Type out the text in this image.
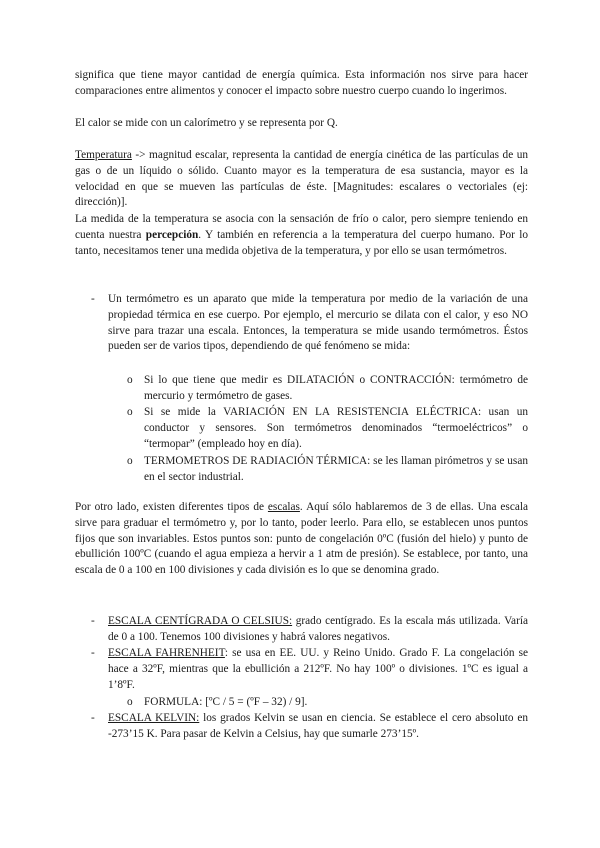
significa que tiene mayor cantidad de energía química. Esta información nos sirve para hacer comparaciones entre alimentos y conocer el impacto sobre nuestro cuerpo cuando lo ingerimos.

El calor se mide con un calorímetro y se representa por Q.

Temperatura -> magnitud escalar, representa la cantidad de energía cinética de las partículas de un gas o de un líquido o sólido. Cuanto mayor es la temperatura de esa sustancia, mayor es la velocidad en que se mueven las partículas de éste. [Magnitudes: escalares o vectoriales (ej: dirección)].

La medida de la temperatura se asocia con la sensación de frío o calor, pero siempre teniendo en cuenta nuestra percepción. Y también en referencia a la temperatura del cuerpo humano. Por lo tanto, necesitamos tener una medida objetiva de la temperatura, y por ello se usan termómetros.

- Un termómetro es un aparato que mide la temperatura por medio de la variación de una propiedad térmica en ese cuerpo. Por ejemplo, el mercurio se dilata con el calor, y eso NO sirve para trazar una escala. Entonces, la temperatura se mide usando termómetros. Éstos pueden ser de varios tipos, dependiendo de qué fenómeno se mida:

o Si lo que tiene que medir es DILATACIÓN o CONTRACCIÓN: termómetro de mercurio y termómetro de gases.

o Si se mide la VARIACIÓN EN LA RESISTENCIA ELÉCTRICA: usan un conductor y sensores. Son termómetros denominados “termoeléctricos” o “termopar” (empleado hoy en día).

o TERMOMETROS DE RADIACIÓN TÉRMICA: se les llaman pirómetros y se usan en el sector industrial.

Por otro lado, existen diferentes tipos de escalas. Aquí sólo hablaremos de 3 de ellas. Una escala sirve para graduar el termómetro y, por lo tanto, poder leerlo. Para ello, se establecen unos puntos fijos que son invariables. Estos puntos son: punto de congelación 0ºC (fusión del hielo) y punto de ebullición 100ºC (cuando el agua empieza a hervir a 1 atm de presión). Se establece, por tanto, una escala de 0 a 100 en 100 divisiones y cada división es lo que se denomina grado.

- ESCALA CENTÍGRADA O CELSIUS: grado centígrado. Es la escala más utilizada. Varía de 0 a 100. Tenemos 100 divisiones y habrá valores negativos.

- ESCALA FAHRENHEIT: se usa en EE. UU. y Reino Unido. Grado F. La congelación se hace a 32ºF, mientras que la ebullición a 212ºF. No hay 100º o divisiones. 1ºC es igual a 1’8ºF.

o FORMULA: [ºC / 5 = (ºF – 32) / 9].

- ESCALA KELVIN: los grados Kelvin se usan en ciencia. Se establece el cero absoluto en -273’15 K. Para pasar de Kelvin a Celsius, hay que sumarle 273’15º.
